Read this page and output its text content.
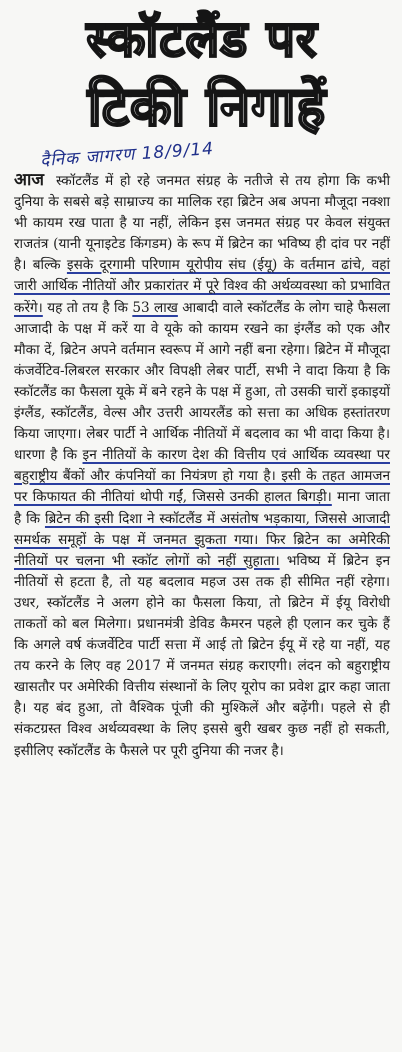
स्कॉटलैंड पर
टिकी निगाहें
दैनिक जागरण 18/9/14

आज स्कॉटलैंड में हो रहे जनमत संग्रह के नतीजे से तय होगा कि कभी दुनिया के सबसे बड़े साम्राज्य का मालिक रहा ब्रिटेन अब अपना मौजूदा नक्शा भी कायम रख पाता है या नहीं, लेकिन इस जनमत संग्रह पर केवल संयुक्त राजतंत्र (यानी यूनाइटेड किंगडम) के रूप में ब्रिटेन का भविष्य ही दांव पर नहीं है। बल्कि इसके दूरगामी परिणाम यूरोपीय संघ (ईयू) के वर्तमान ढांचे, वहां जारी आर्थिक नीतियों और प्रकारांतर में पूरे विश्व की अर्थव्यवस्था को प्रभावित करेंगे। यह तो तय है कि 53 लाख आबादी वाले स्कॉटलैंड के लोग चाहे फैसला आजादी के पक्ष में करें या वे यूके को कायम रखने का इंग्लैंड को एक और मौका दें, ब्रिटेन अपने वर्तमान स्वरूप में आगे नहीं बना रहेगा। ब्रिटेन में मौजूदा कंजर्वेटिव-लिबरल सरकार और विपक्षी लेबर पार्टी, सभी ने वादा किया है कि स्कॉटलैंड का फैसला यूके में बने रहने के पक्ष में हुआ, तो उसकी चारों इकाइयों इंग्लैंड, स्कॉटलैंड, वेल्स और उत्तरी आयरलैंड को सत्ता का अधिक हस्तांतरण किया जाएगा। लेबर पार्टी ने आर्थिक नीतियों में बदलाव का भी वादा किया है। धारणा है कि इन नीतियों के कारण देश की वित्तीय एवं आर्थिक व्यवस्था पर बहुराष्ट्रीय बैंकों और कंपनियों का नियंत्रण हो गया है। इसी के तहत आमजन पर किफायत की नीतियां थोपी गईं, जिससे उनकी हालत बिगड़ी। माना जाता है कि ब्रिटेन की इसी दिशा ने स्कॉटलैंड में असंतोष भड़काया, जिससे आजादी समर्थक समूहों के पक्ष में जनमत झुकता गया। फिर ब्रिटेन का अमेरिकी नीतियों पर चलना भी स्कॉट लोगों को नहीं सुहाता। भविष्य में ब्रिटेन इन नीतियों से हटता है, तो यह बदलाव महज उस तक ही सीमित नहीं रहेगा। उधर, स्कॉटलैंड ने अलग होने का फैसला किया, तो ब्रिटेन में ईयू विरोधी ताकतों को बल मिलेगा। प्रधानमंत्री डेविड कैमरन पहले ही एलान कर चुके हैं कि अगले वर्ष कंजर्वेटिव पार्टी सत्ता में आई तो ब्रिटेन ईयू में रहे या नहीं, यह तय करने के लिए वह 2017 में जनमत संग्रह कराएगी। लंदन को बहुराष्ट्रीय खासतौर पर अमेरिकी वित्तीय संस्थानों के लिए यूरोप का प्रवेश द्वार कहा जाता है। यह बंद हुआ, तो वैश्विक पूंजी की मुश्किलें और बढ़ेंगी। पहले से ही संकटग्रस्त विश्व अर्थव्यवस्था के लिए इससे बुरी खबर कुछ नहीं हो सकती, इसीलिए स्कॉटलैंड के फैसले पर पूरी दुनिया की नजर है।
